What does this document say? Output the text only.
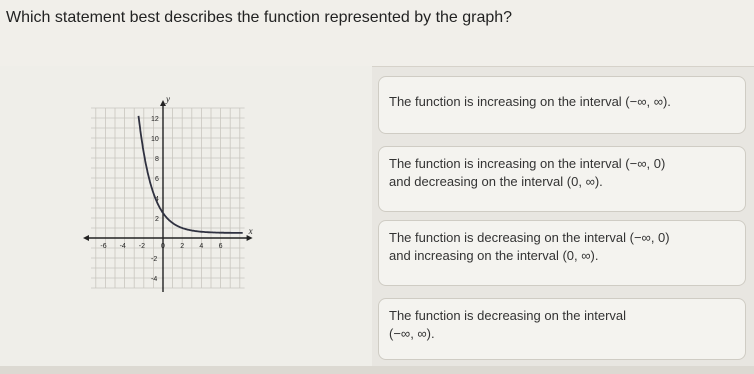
Which statement best describes the function represented by the graph?
y
x
-6 -4 -2 0 2 4 6
12
10
8
6
4
2
-2
-4
The function is increasing on the interval (−∞, ∞).
The function is increasing on the interval (−∞, 0)
and decreasing on the interval (0, ∞).
The function is decreasing on the interval (−∞, 0)
and increasing on the interval (0, ∞).
The function is decreasing on the interval
(−∞, ∞).
